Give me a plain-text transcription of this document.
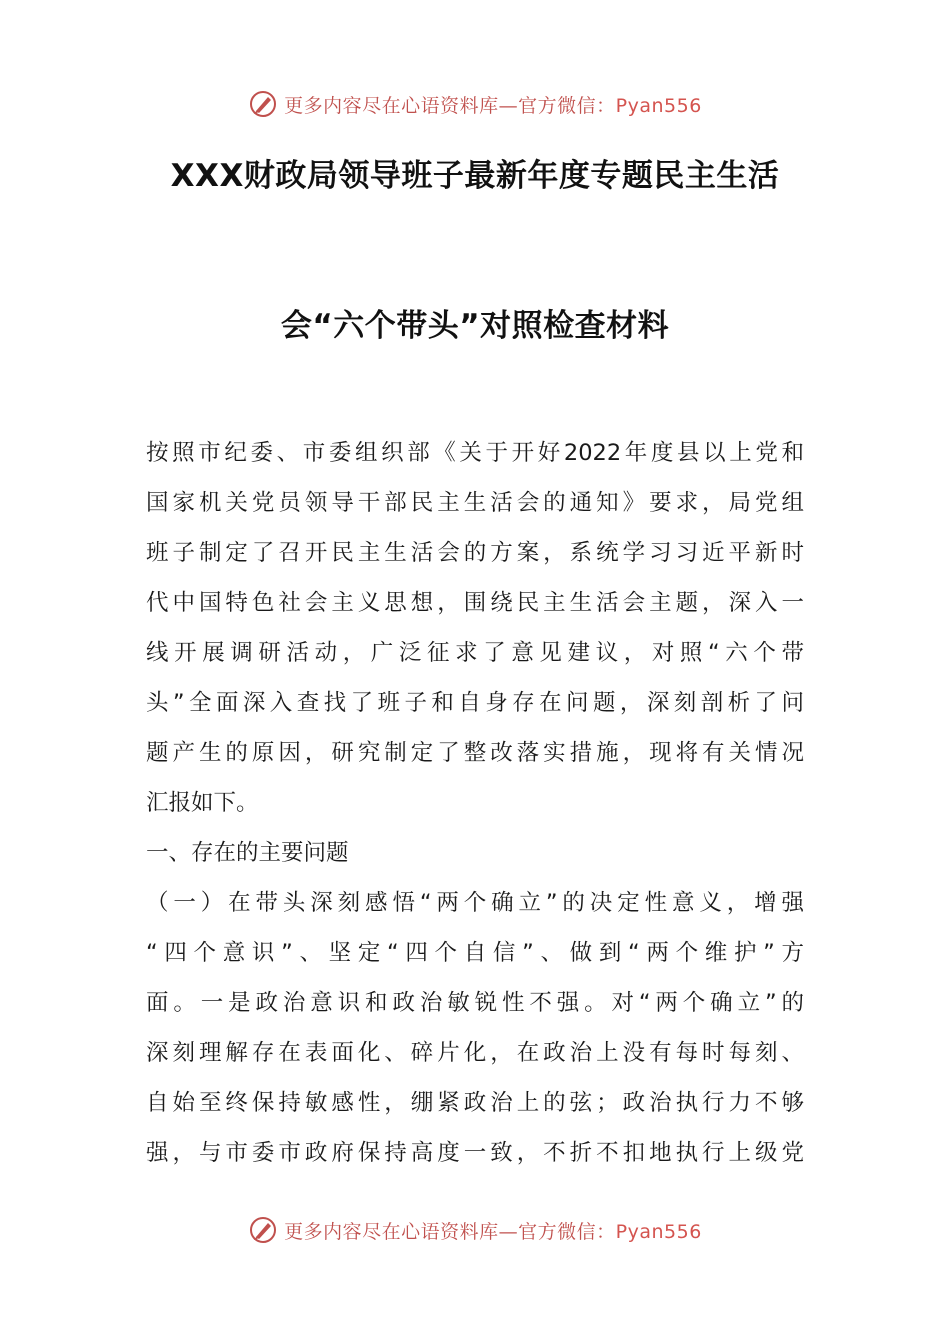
更多内容尽在心语资料库—官方微信：Pyan556
XXX财政局领导班子最新年度专题民主生活
会“六个带头”对照检查材料
按照市纪委、市委组织部《关于开好2022年度县以上党和
国家机关党员领导干部民主生活会的通知》要求，局党组
班子制定了召开民主生活会的方案，系统学习习近平新时
代中国特色社会主义思想，围绕民主生活会主题，深入一
线开展调研活动，广泛征求了意见建议，对照“六个带
头”全面深入查找了班子和自身存在问题，深刻剖析了问
题产生的原因，研究制定了整改落实措施，现将有关情况
汇报如下。
一、存在的主要问题
（一）在带头深刻感悟“两个确立”的决定性意义，增强
“四个意识”、坚定“四个自信”、做到“两个维护”方
面。一是政治意识和政治敏锐性不强。对“两个确立”的
深刻理解存在表面化、碎片化，在政治上没有每时每刻、
自始至终保持敏感性，绷紧政治上的弦；政治执行力不够
强，与市委市政府保持高度一致，不折不扣地执行上级党
更多内容尽在心语资料库—官方微信：Pyan556
